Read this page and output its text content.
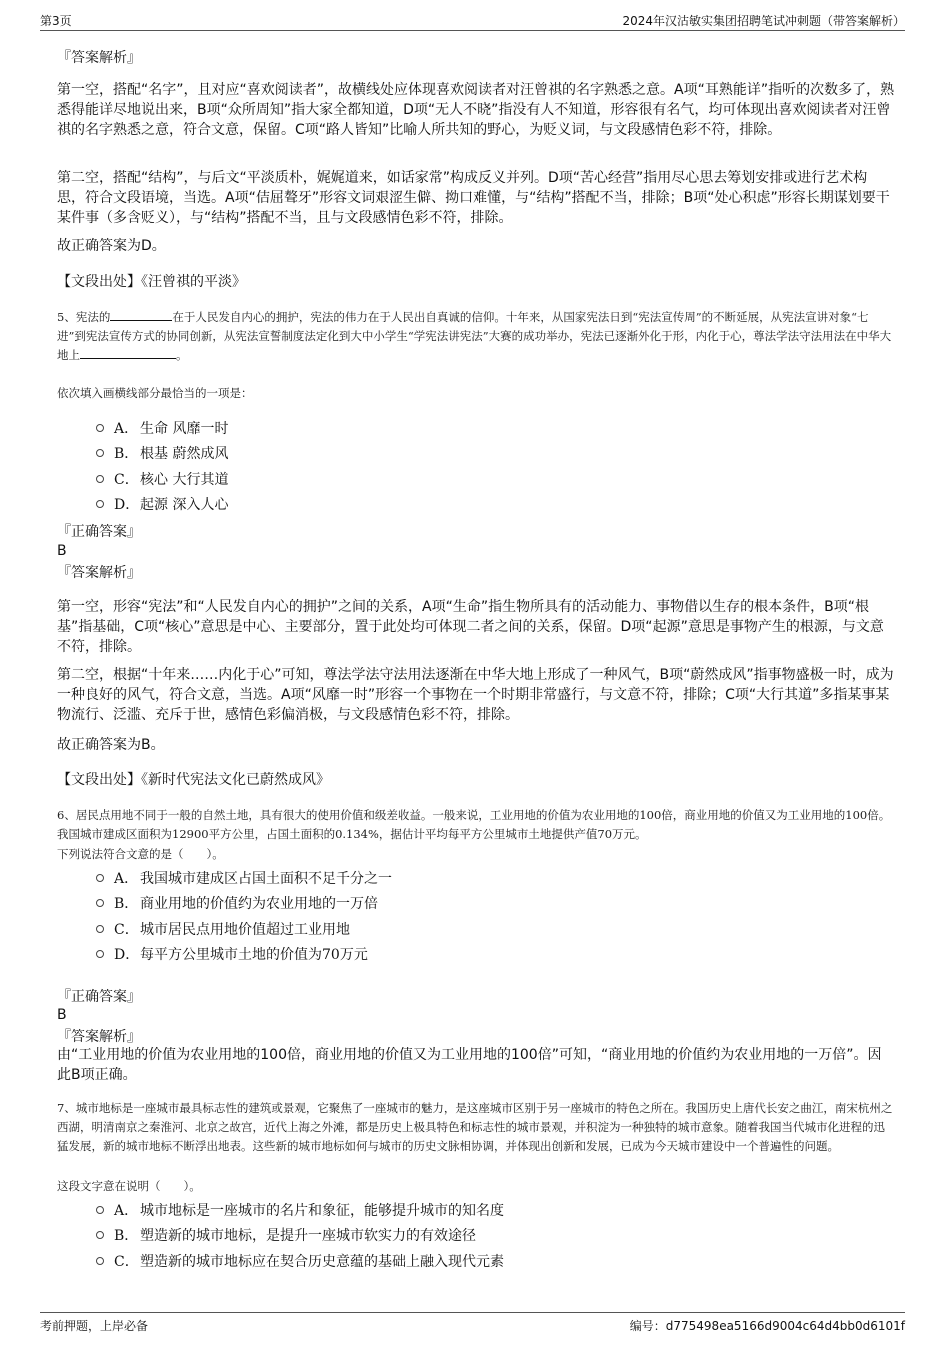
第3页	2024年汉沽敏实集团招聘笔试冲刺题（带答案解析）
『答案解析』

第一空，搭配“名字”，且对应“喜欢阅读者”，故横线处应体现喜欢阅读者对汪曾祺的名字熟悉之意。A项“耳熟能详”指听的次数多了，熟悉得能详尽地说出来，B项“众所周知”指大家全都知道，D项“无人不晓”指没有人不知道，形容很有名气，均可体现出喜欢阅读者对汪曾祺的名字熟悉之意，符合文意，保留。C项“路人皆知”比喻人所共知的野心，为贬义词，与文段感情色彩不符，排除。

第二空，搭配“结构”，与后文“平淡质朴，娓娓道来，如话家常”构成反义并列。D项“苦心经营”指用尽心思去筹划安排或进行艺术构思，符合文段语境，当选。A项“佶屈聱牙”形容文词艰涩生僻、拗口难懂，与“结构”搭配不当，排除；B项“处心积虑”形容长期谋划要干某件事（多含贬义），与“结构”搭配不当，且与文段感情色彩不符，排除。

故正确答案为D。
【文段出处】《汪曾祺的平淡》

5、宪法的	在于人民发自内心的拥护，宪法的伟力在于人民出自真诚的信仰。十年来，从国家宪法日到“宪法宣传周”的不断延展，从宪法宣讲对象“七进”到宪法宣传方式的协同创新，从宪法宣誓制度法定化到大中小学生“学宪法讲宪法”大赛的成功举办，宪法已逐渐外化于形，内化于心，尊法学法守法用法在中华大地上	。

依次填入画横线部分最恰当的一项是：
A． 生命 风靡一时
B． 根基 蔚然成风
C． 核心 大行其道
D． 起源 深入人心
『正确答案』
B
『答案解析』

第一空，形容“宪法”和“人民发自内心的拥护”之间的关系，A项“生命”指生物所具有的活动能力、事物借以生存的根本条件，B项“根基”指基础，C项“核心”意思是中心、主要部分，置于此处均可体现二者之间的关系，保留。D项“起源”意思是事物产生的根源，与文意不符，排除。

第二空，根据“十年来……内化于心”可知，尊法学法守法用法逐渐在中华大地上形成了一种风气，B项“蔚然成风”指事物盛极一时，成为一种良好的风气，符合文意，当选。A项“风靡一时”形容一个事物在一个时期非常盛行，与文意不符，排除；C项“大行其道”多指某事某物流行、泛滥、充斥于世，感情色彩偏消极，与文段感情色彩不符，排除。

故正确答案为B。
【文段出处】《新时代宪法文化已蔚然成风》

6、居民点用地不同于一般的自然土地，具有很大的使用价值和级差收益。一般来说，工业用地的价值为农业用地的100倍，商业用地的价值又为工业用地的100倍。我国城市建成区面积为12900平方公里，占国土面积的0.134%，据估计平均每平方公里城市土地提供产值70万元。

下列说法符合文意的是（　　）。
A． 我国城市建成区占国土面积不足千分之一
B． 商业用地的价值约为农业用地的一万倍
C． 城市居民点用地价值超过工业用地
D． 每平方公里城市土地的价值为70万元
『正确答案』
B
『答案解析』

由“工业用地的价值为农业用地的100倍，商业用地的价值又为工业用地的100倍”可知，“商业用地的价值约为农业用地的一万倍”。因此B项正确。

7、城市地标是一座城市最具标志性的建筑或景观，它聚焦了一座城市的魅力，是这座城市区别于另一座城市的特色之所在。我国历史上唐代长安之曲江，南宋杭州之西湖，明清南京之秦淮河、北京之故宫，近代上海之外滩，都是历史上极具特色和标志性的城市景观，并积淀为一种独特的城市意象。随着我国当代城市化进程的迅猛发展，新的城市地标不断浮出地表。这些新的城市地标如何与城市的历史文脉相协调，并体现出创新和发展，已成为今天城市建设中一个普遍性的问题。

这段文字意在说明（　　）。
A． 城市地标是一座城市的名片和象征，能够提升城市的知名度
B． 塑造新的城市地标，是提升一座城市软实力的有效途径
C． 塑造新的城市地标应在契合历史意蕴的基础上融入现代元素
考前押题，上岸必备	编号：d775498ea5166d9004c64d4bb0d6101f
